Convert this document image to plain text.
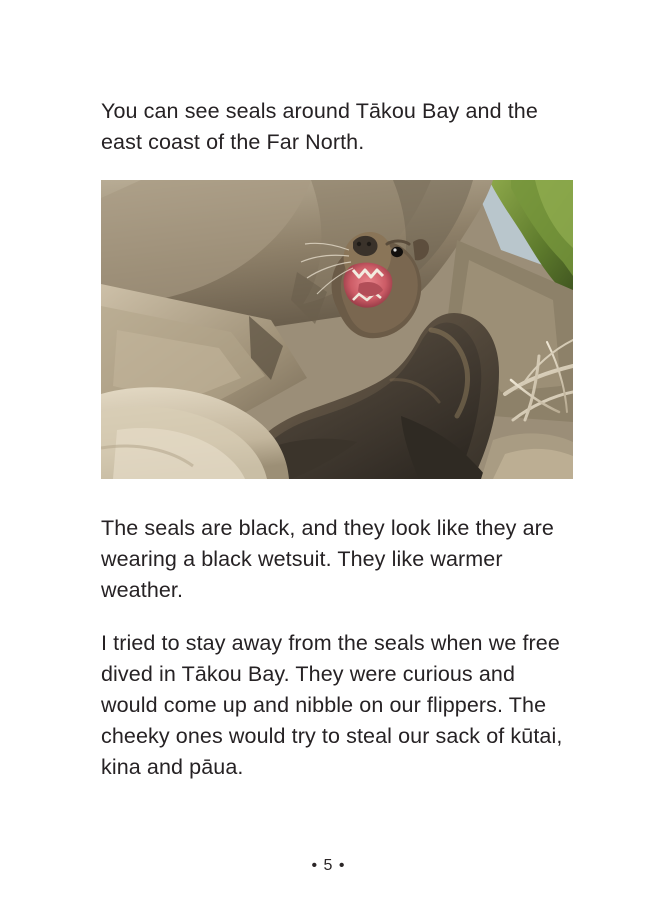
You can see seals around Tākou Bay and the east coast of the Far North.

The seals are black, and they look like they are wearing a black wetsuit. They like warmer weather.

I tried to stay away from the seals when we free dived in Tākou Bay. They were curious and would come up and nibble on our flippers. The cheeky ones would try to steal our sack of kūtai, kina and pāua.

• 5 •
